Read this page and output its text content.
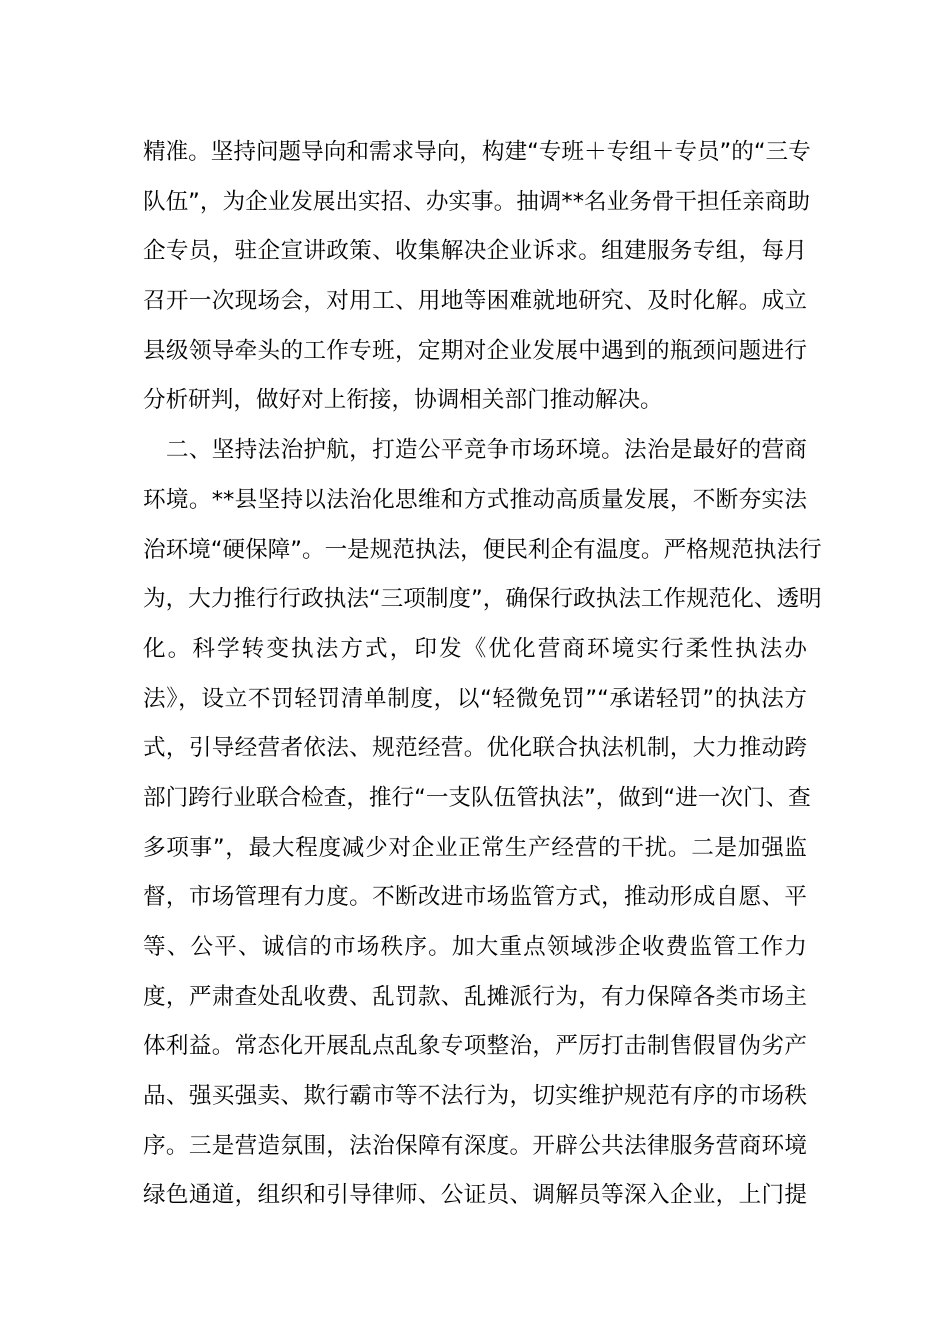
精准。坚持问题导向和需求导向，构建“专班＋专组＋专员”的“三专
队伍”，为企业发展出实招、办实事。抽调**名业务骨干担任亲商助
企专员，驻企宣讲政策、收集解决企业诉求。组建服务专组，每月
召开一次现场会，对用工、用地等困难就地研究、及时化解。成立
县级领导牵头的工作专班，定期对企业发展中遇到的瓶颈问题进行
分析研判，做好对上衔接，协调相关部门推动解决。
　二、坚持法治护航，打造公平竞争市场环境。法治是最好的营商
环境。**县坚持以法治化思维和方式推动高质量发展，不断夯实法
治环境“硬保障”。一是规范执法，便民利企有温度。严格规范执法行
为，大力推行行政执法“三项制度”，确保行政执法工作规范化、透明
化。科学转变执法方式，印发《优化营商环境实行柔性执法办
法》，设立不罚轻罚清单制度，以“轻微免罚”“承诺轻罚”的执法方
式，引导经营者依法、规范经营。优化联合执法机制，大力推动跨
部门跨行业联合检查，推行“一支队伍管执法”，做到“进一次门、查
多项事”，最大程度减少对企业正常生产经营的干扰。二是加强监
督，市场管理有力度。不断改进市场监管方式，推动形成自愿、平
等、公平、诚信的市场秩序。加大重点领域涉企收费监管工作力
度，严肃查处乱收费、乱罚款、乱摊派行为，有力保障各类市场主
体利益。常态化开展乱点乱象专项整治，严厉打击制售假冒伪劣产
品、强买强卖、欺行霸市等不法行为，切实维护规范有序的市场秩
序。三是营造氛围，法治保障有深度。开辟公共法律服务营商环境
绿色通道，组织和引导律师、公证员、调解员等深入企业，上门提
